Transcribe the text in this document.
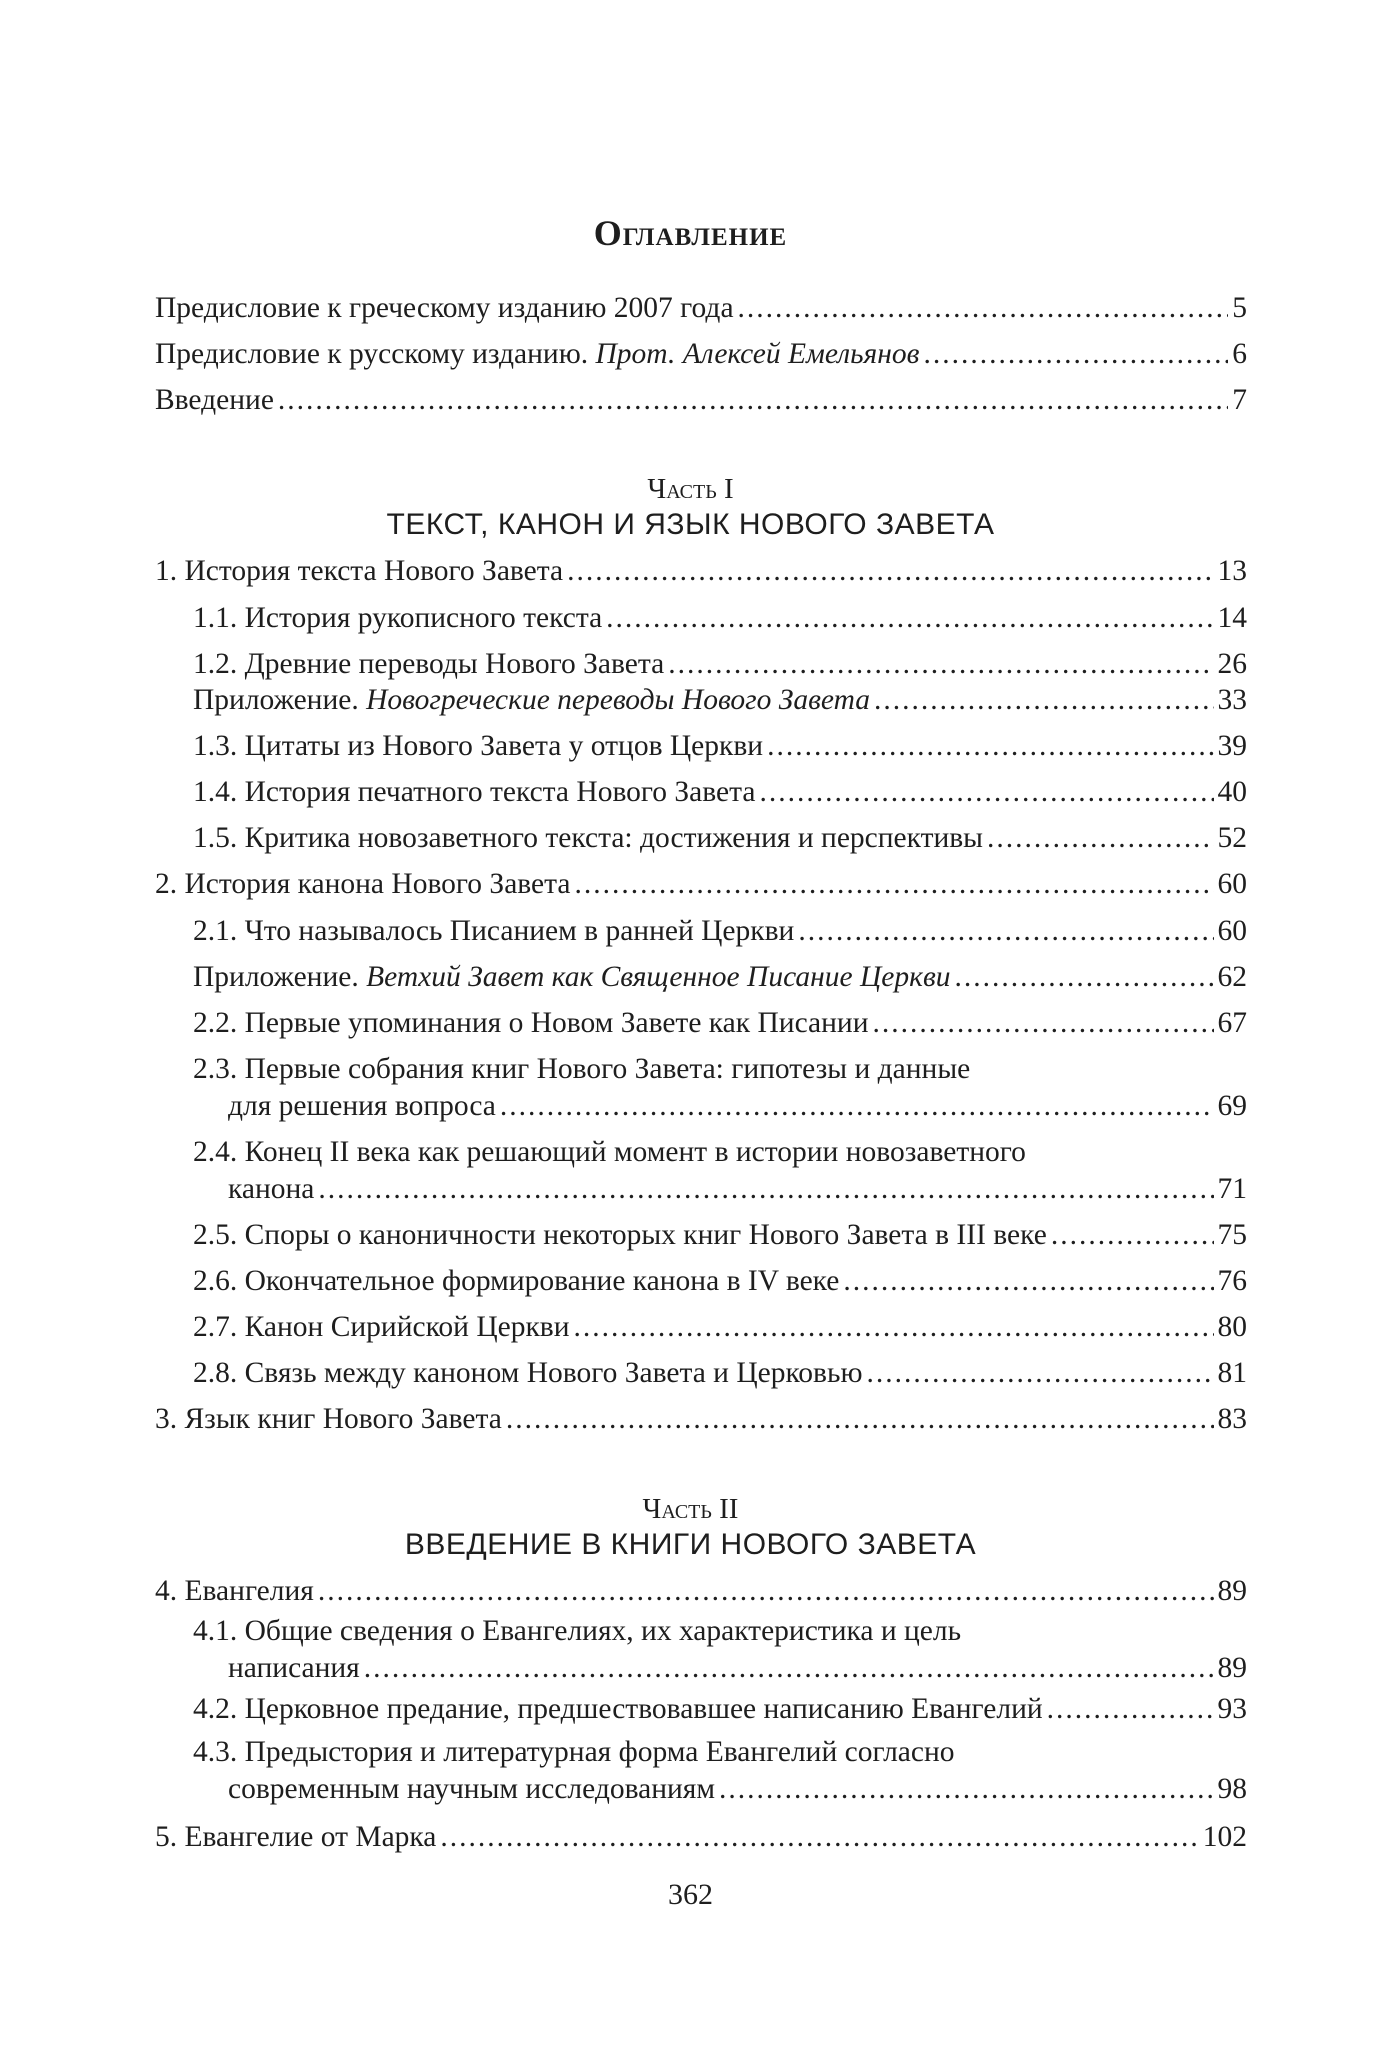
Оглавление
Предисловие к греческому изданию 2007 года .....	5
Предисловие к русскому изданию. Прот. Алексей Емельянов .....	6
Введение .....	7
Часть I
ТЕКСТ, КАНОН И ЯЗЫК НОВОГО ЗАВЕТА
1. История текста Нового Завета .....	13
1.1. История рукописного текста .....	14
1.2. Древние переводы Нового Завета .....	26
Приложение. Новогреческие переводы Нового Завета .....	33
1.3. Цитаты из Нового Завета у отцов Церкви .....	39
1.4. История печатного текста Нового Завета .....	40
1.5. Критика новозаветного текста: достижения и перспективы .....	52
2. История канона Нового Завета .....	60
2.1. Что называлось Писанием в ранней Церкви .....	60
Приложение. Ветхий Завет как Священное Писание Церкви .....	62
2.2. Первые упоминания о Новом Завете как Писании .....	67
2.3. Первые собрания книг Нового Завета: гипотезы и данные
для решения вопроса .....	69
2.4. Конец II века как решающий момент в истории новозаветного
канона .....	71
2.5. Споры о каноничности некоторых книг Нового Завета в III веке .....	75
2.6. Окончательное формирование канона в IV веке .....	76
2.7. Канон Сирийской Церкви .....	80
2.8. Связь между каноном Нового Завета и Церковью .....	81
3. Язык книг Нового Завета .....	83
Часть II
ВВЕДЕНИЕ В КНИГИ НОВОГО ЗАВЕТА
4. Евангелия .....	89
4.1. Общие сведения о Евангелиях, их характеристика и цель
написания .....	89
4.2. Церковное предание, предшествовавшее написанию Евангелий .....	93
4.3. Предыстория и литературная форма Евангелий согласно
современным научным исследованиям .....	98
5. Евангелие от Марка .....	102
362
